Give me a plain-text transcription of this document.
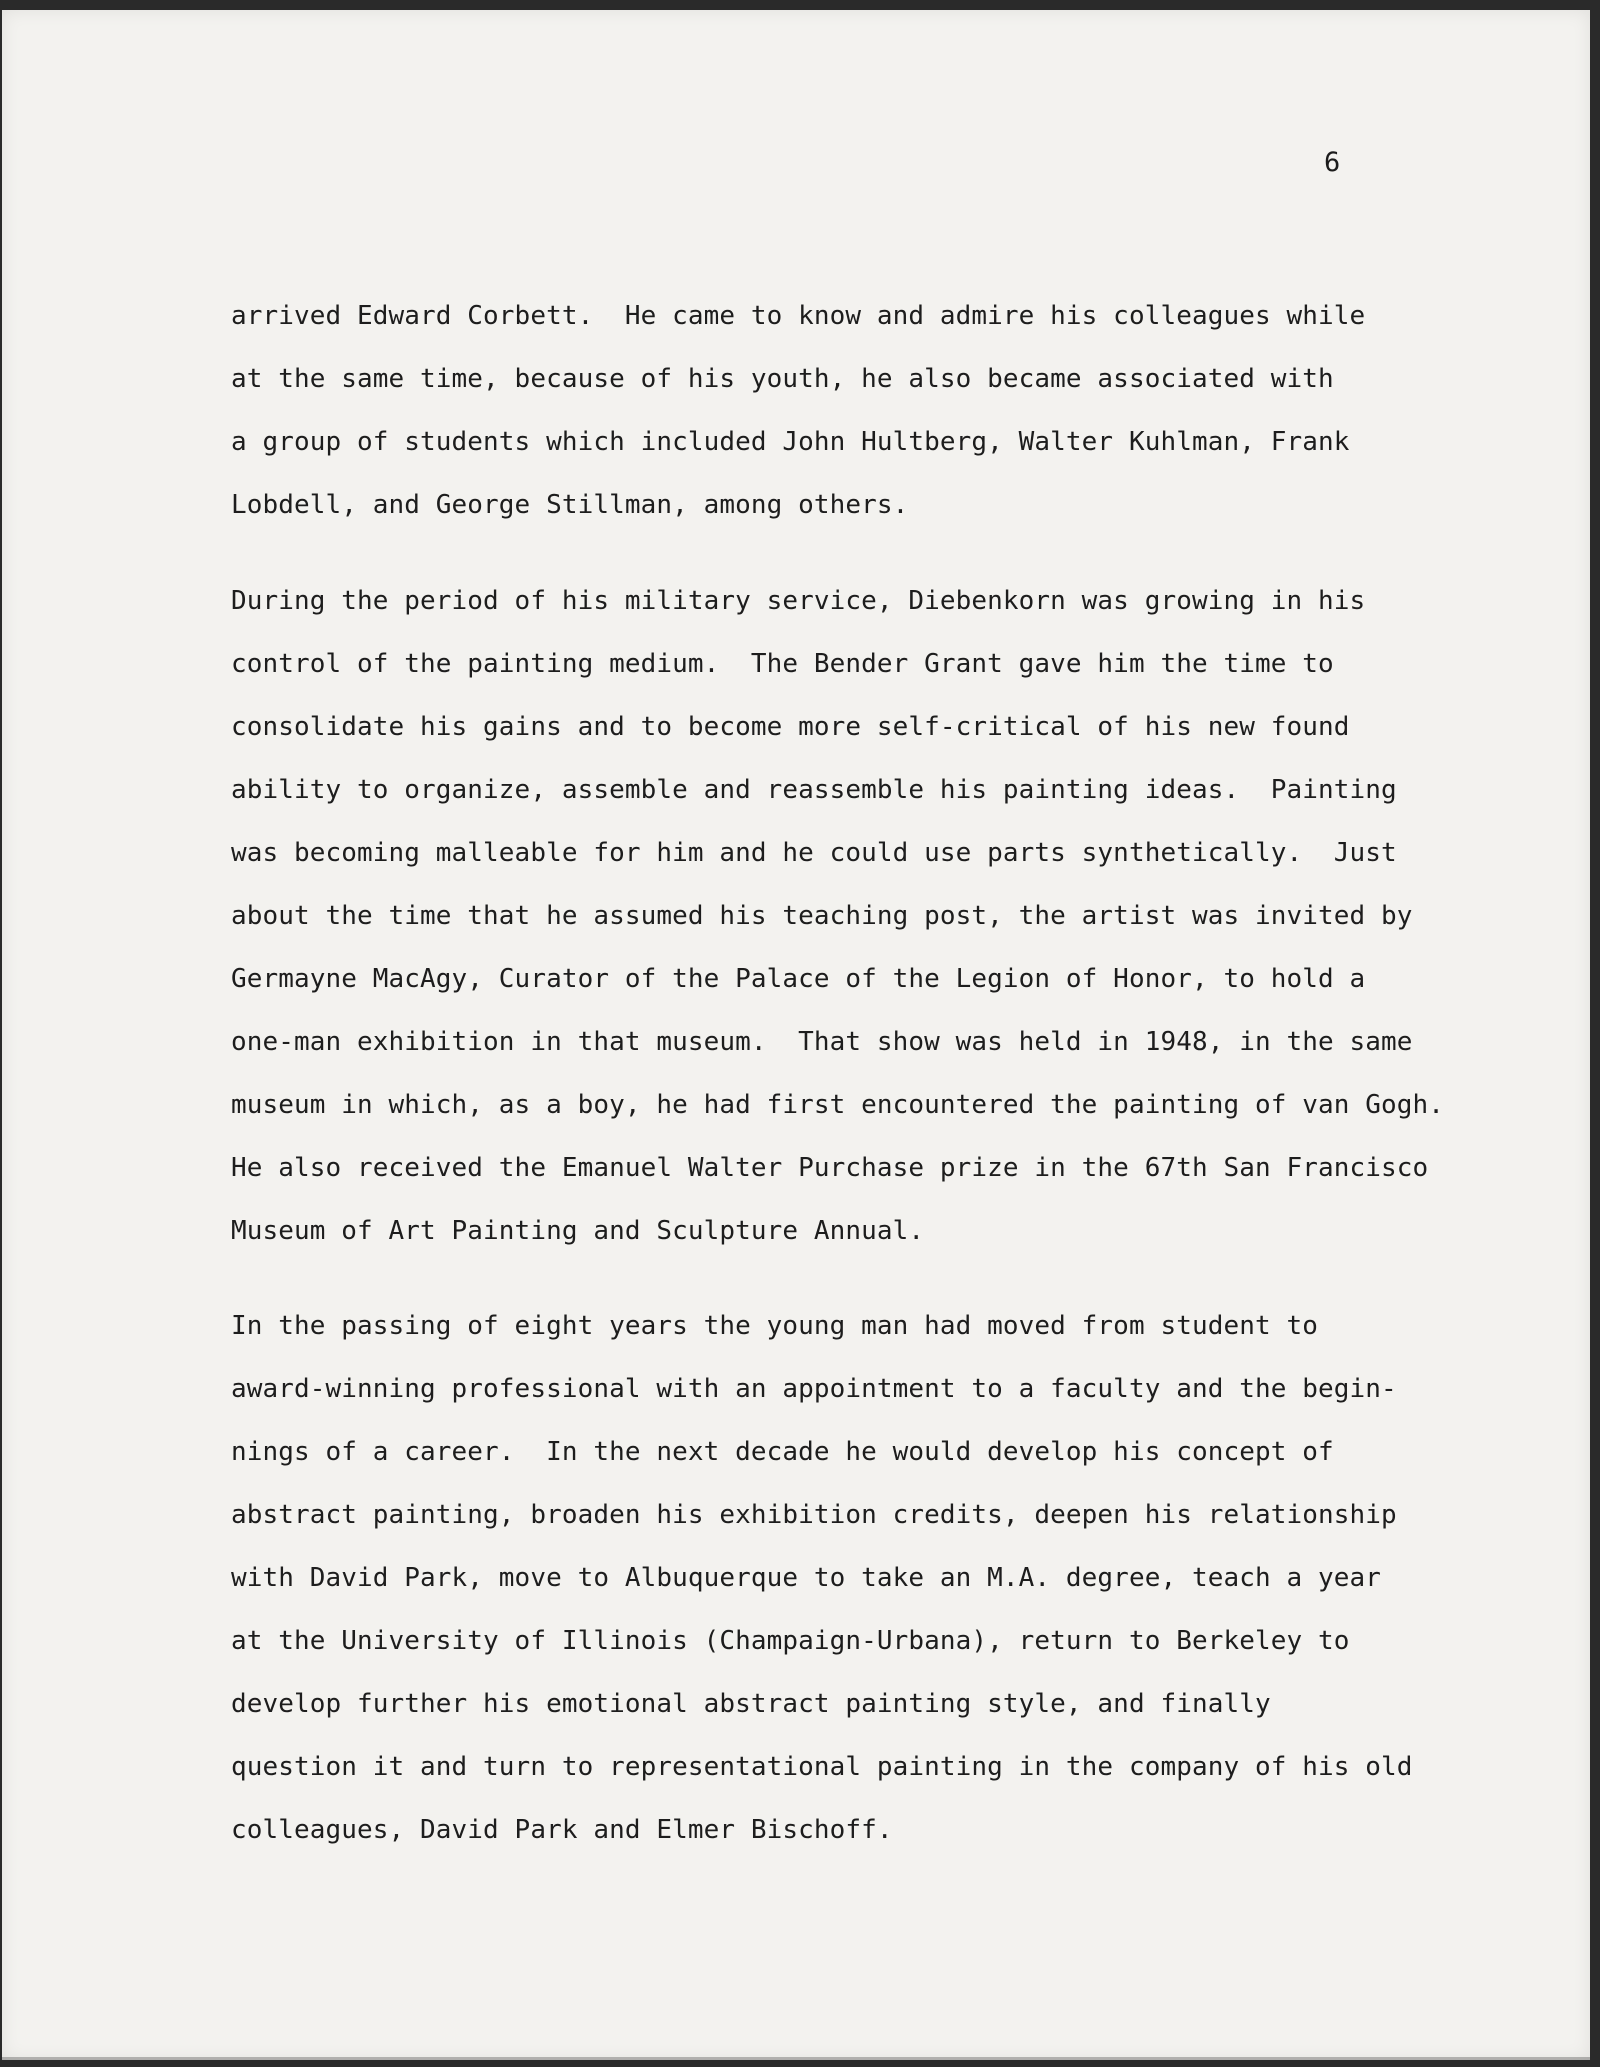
6
arrived Edward Corbett.  He came to know and admire his colleagues while
at the same time, because of his youth, he also became associated with
a group of students which included John Hultberg, Walter Kuhlman, Frank
Lobdell, and George Stillman, among others.
During the period of his military service, Diebenkorn was growing in his
control of the painting medium.  The Bender Grant gave him the time to
consolidate his gains and to become more self-critical of his new found
ability to organize, assemble and reassemble his painting ideas.  Painting
was becoming malleable for him and he could use parts synthetically.  Just
about the time that he assumed his teaching post, the artist was invited by
Germayne MacAgy, Curator of the Palace of the Legion of Honor, to hold a
one-man exhibition in that museum.  That show was held in 1948, in the same
museum in which, as a boy, he had first encountered the painting of van Gogh.
He also received the Emanuel Walter Purchase prize in the 67th San Francisco
Museum of Art Painting and Sculpture Annual.
In the passing of eight years the young man had moved from student to
award-winning professional with an appointment to a faculty and the begin-
nings of a career.  In the next decade he would develop his concept of
abstract painting, broaden his exhibition credits, deepen his relationship
with David Park, move to Albuquerque to take an M.A. degree, teach a year
at the University of Illinois (Champaign-Urbana), return to Berkeley to
develop further his emotional abstract painting style, and finally
question it and turn to representational painting in the company of his old
colleagues, David Park and Elmer Bischoff.
